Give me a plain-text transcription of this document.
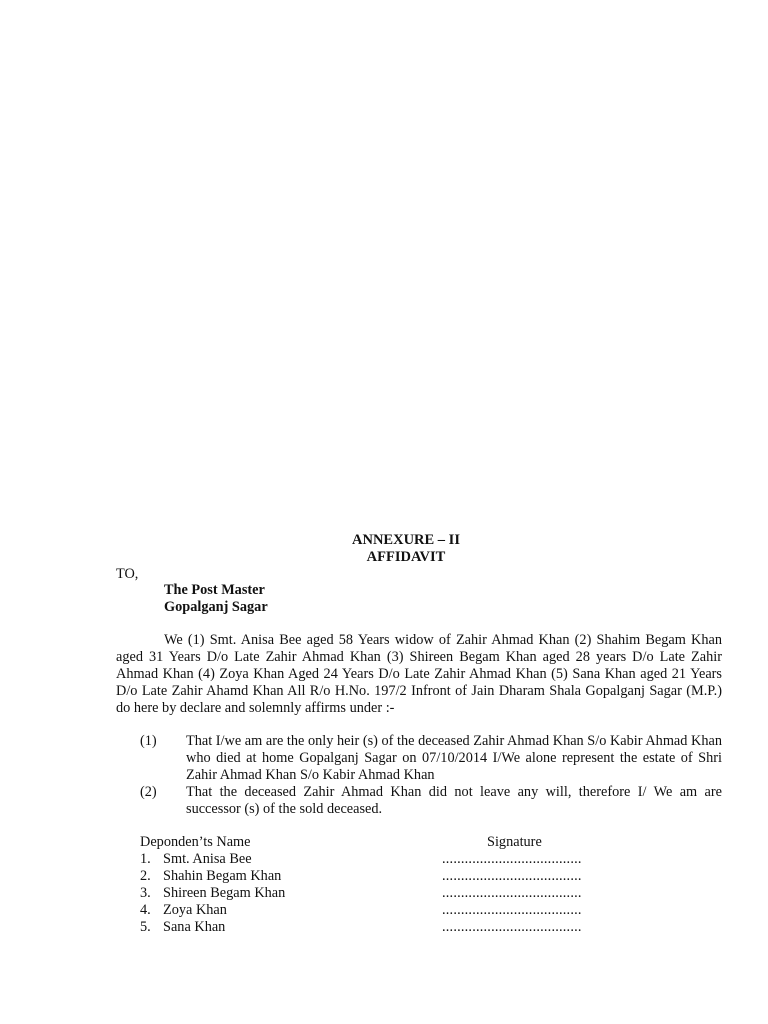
ANNEXURE – II
AFFIDAVIT
TO,
The Post Master
Gopalganj Sagar
We (1) Smt. Anisa Bee aged 58 Years widow of Zahir Ahmad Khan (2) Shahim Begam Khan aged 31 Years D/o Late Zahir Ahmad Khan (3) Shireen Begam Khan aged 28 years D/o Late Zahir Ahmad Khan (4) Zoya Khan Aged 24 Years D/o Late Zahir Ahmad Khan (5) Sana Khan aged 21 Years D/o Late Zahir Ahamd Khan All R/o H.No. 197/2 Infront of Jain Dharam Shala Gopalganj Sagar (M.P.) do here by declare and solemnly affirms under :-
(1) That I/we am are the only heir (s) of the deceased Zahir Ahmad Khan S/o Kabir Ahmad Khan who died at home Gopalganj Sagar on 07/10/2014 I/We alone represent the estate of Shri Zahir Ahmad Khan S/o Kabir Ahmad Khan
(2) That the deceased Zahir Ahmad Khan did not leave any will, therefore I/ We am are successor (s) of the sold deceased.
Deponden’ts Name	Signature
1. Smt. Anisa Bee	.....................................
2. Shahin Begam Khan	.....................................
3. Shireen Begam Khan	.....................................
4. Zoya Khan	.....................................
5. Sana Khan	.....................................
